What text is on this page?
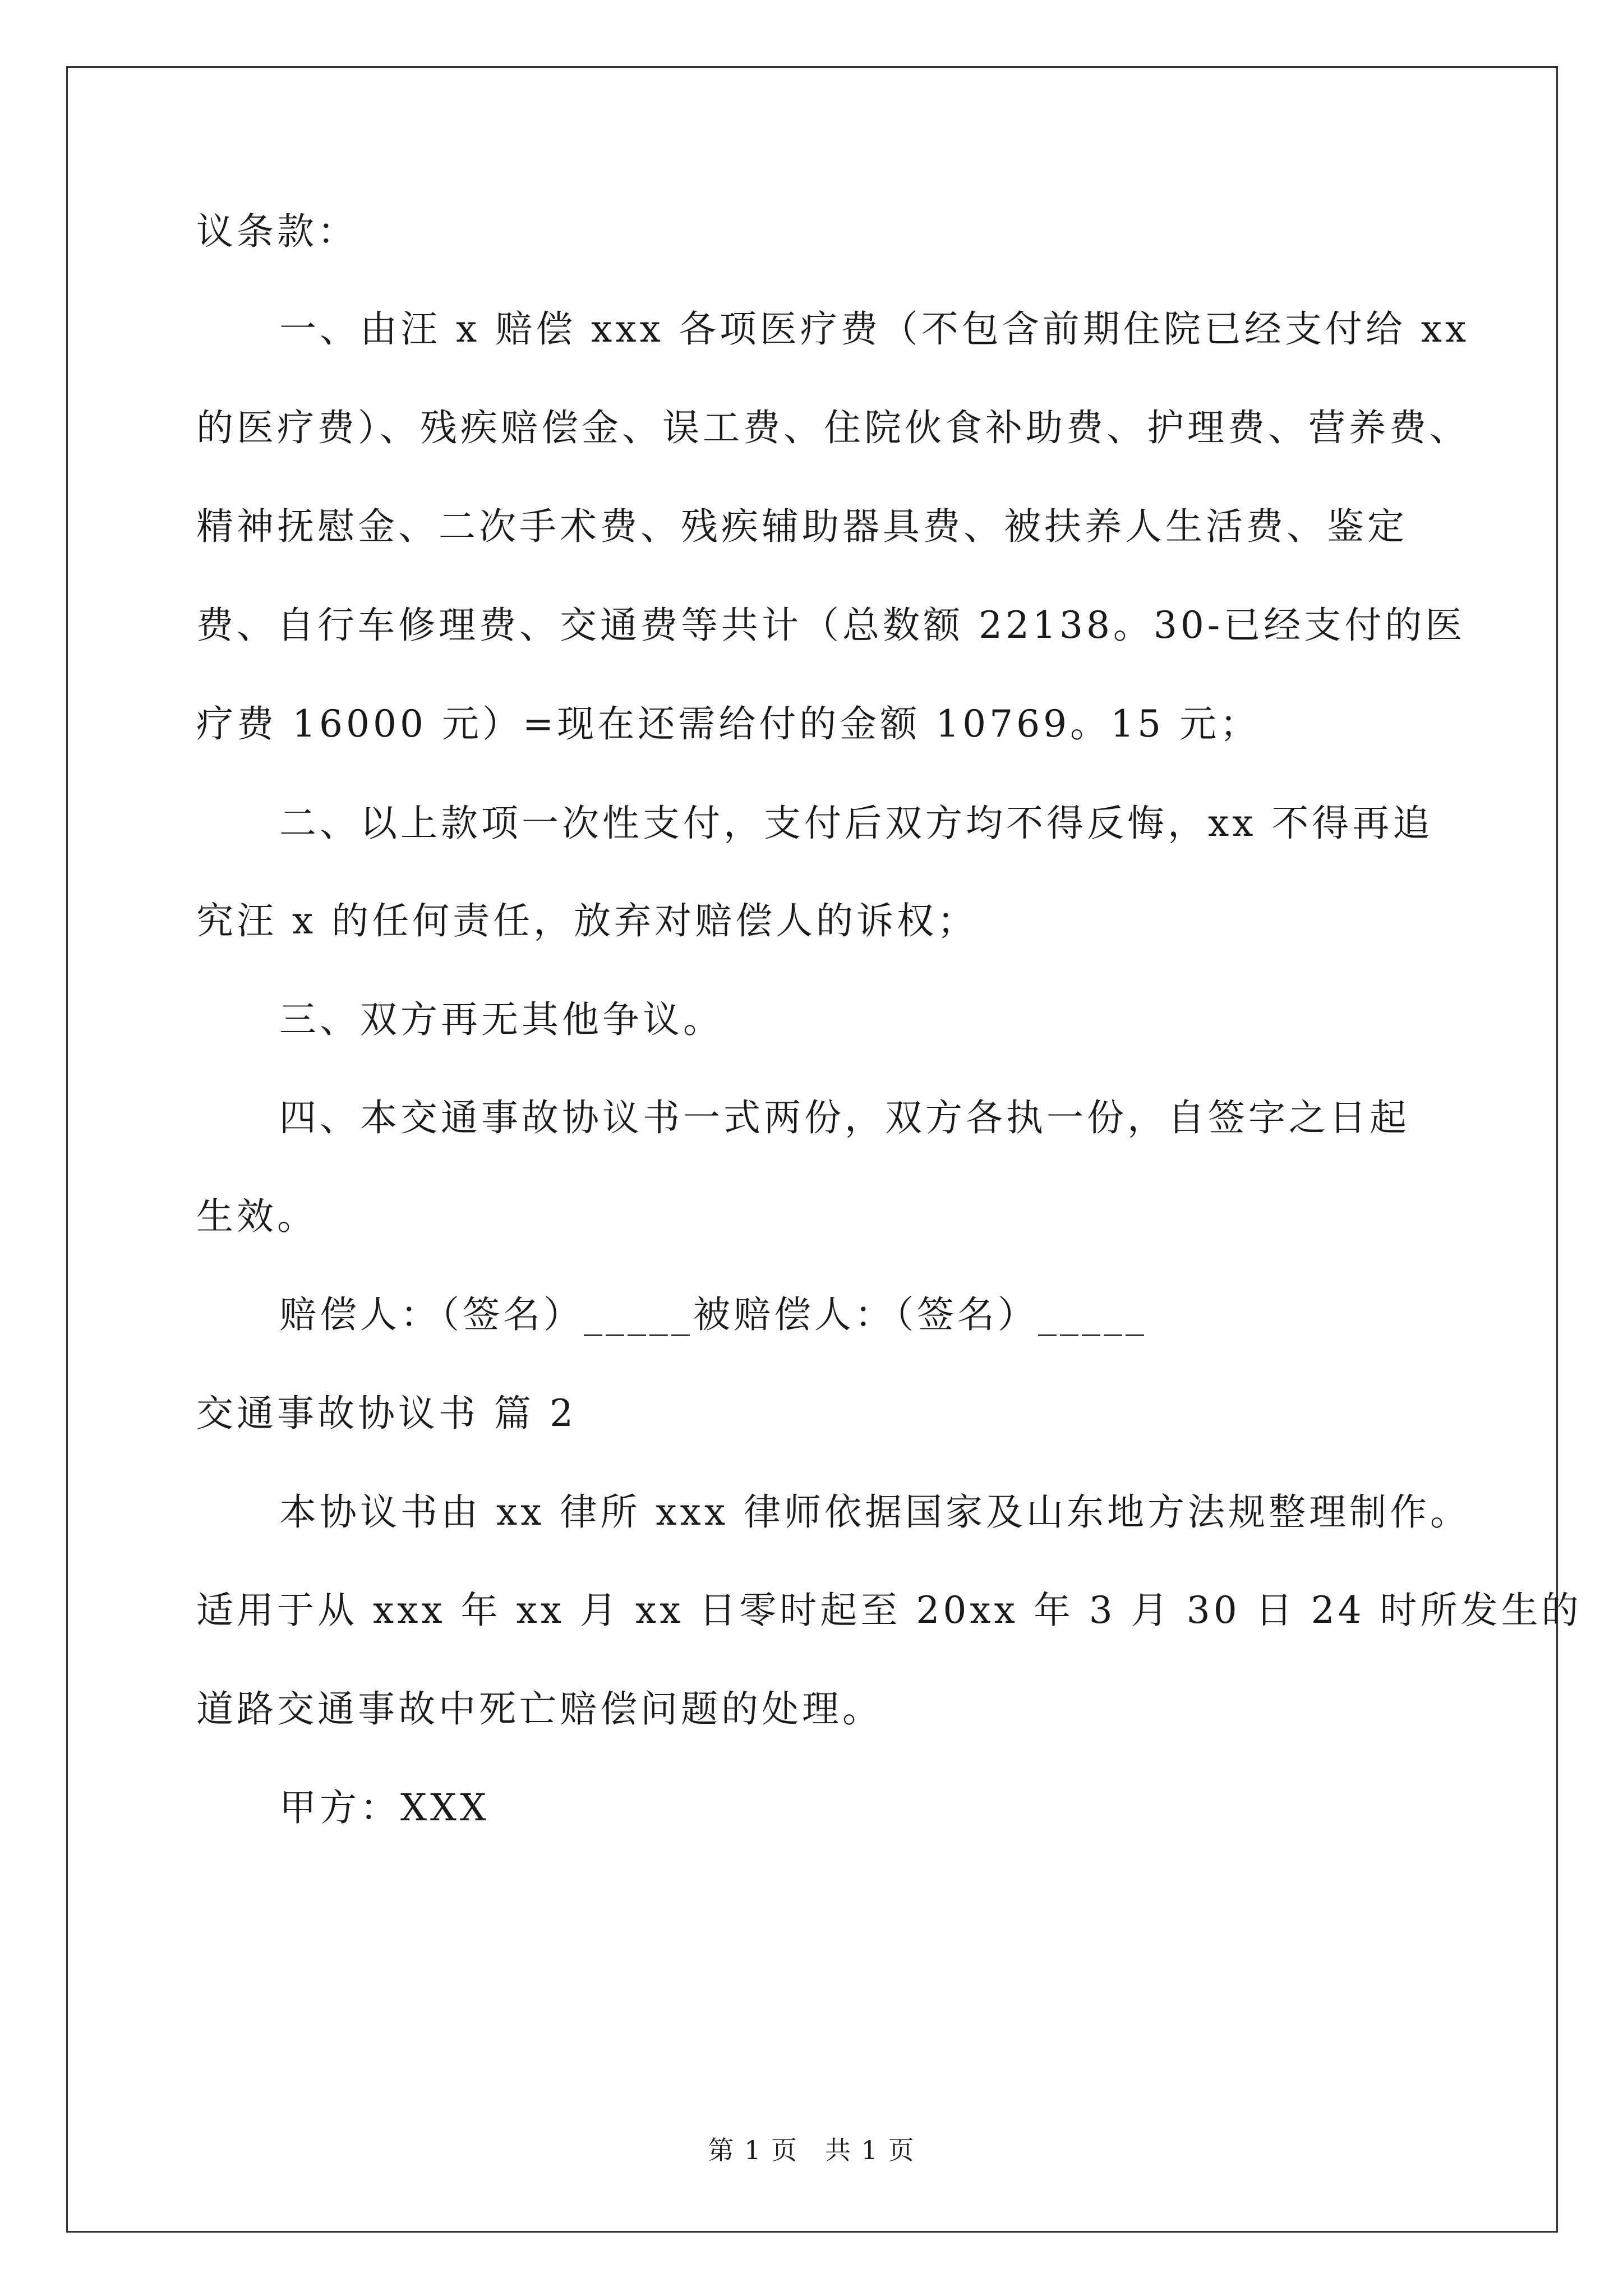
议条款：
一、由汪 x 赔偿 xxx 各项医疗费（不包含前期住院已经支付给 xx
的医疗费）、残疾赔偿金、误工费、住院伙食补助费、护理费、营养费、
精神抚慰金、二次手术费、残疾辅助器具费、被扶养人生活费、鉴定
费、自行车修理费、交通费等共计（总数额 22138。30-已经支付的医
疗费 16000 元）=现在还需给付的金额 10769。15 元；
二、以上款项一次性支付，支付后双方均不得反悔，xx 不得再追
究汪 x 的任何责任，放弃对赔偿人的诉权；
三、双方再无其他争议。
四、本交通事故协议书一式两份，双方各执一份，自签字之日起
生效。
赔偿人：（签名）_____被赔偿人：（签名）_____
交通事故协议书 篇 2
本协议书由 xx 律所 xxx 律师依据国家及山东地方法规整理制作。
适用于从 xxx 年 xx 月 xx 日零时起至 20xx 年 3 月 30 日 24 时所发生的
道路交通事故中死亡赔偿问题的处理。
甲方：XXX
第 1 页　共 1 页
